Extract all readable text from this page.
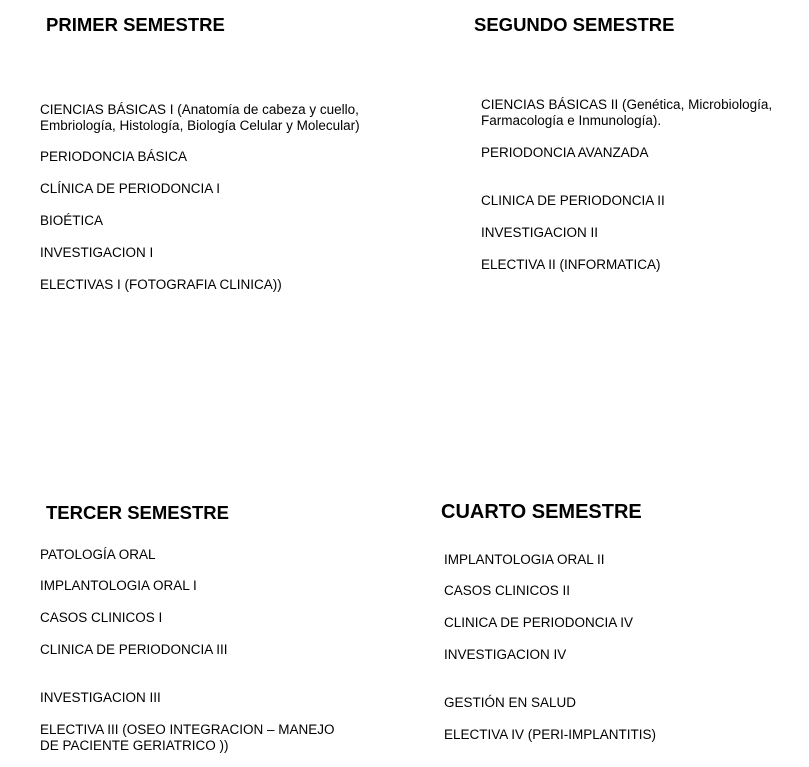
PRIMER SEMESTRE
CIENCIAS BÁSICAS I (Anatomía de cabeza y cuello,
Embriología, Histología, Biología Celular y Molecular)
PERIODONCIA BÁSICA
CLÍNICA DE PERIODONCIA I
BIOÉTICA
INVESTIGACION I
ELECTIVAS I (FOTOGRAFIA CLINICA))
SEGUNDO SEMESTRE
CIENCIAS BÁSICAS II (Genética, Microbiología,
Farmacología e Inmunología).
PERIODONCIA AVANZADA
CLINICA DE PERIODONCIA II
INVESTIGACION II
ELECTIVA II (INFORMATICA)
TERCER SEMESTRE
PATOLOGÍA ORAL
IMPLANTOLOGIA ORAL I
CASOS CLINICOS I
CLINICA DE PERIODONCIA III
INVESTIGACION III
ELECTIVA III (OSEO INTEGRACION – MANEJO
DE PACIENTE GERIATRICO ))
CUARTO SEMESTRE
IMPLANTOLOGIA ORAL II
CASOS CLINICOS II
CLINICA DE PERIODONCIA IV
INVESTIGACION IV
GESTIÓN EN SALUD
ELECTIVA IV (PERI-IMPLANTITIS)
